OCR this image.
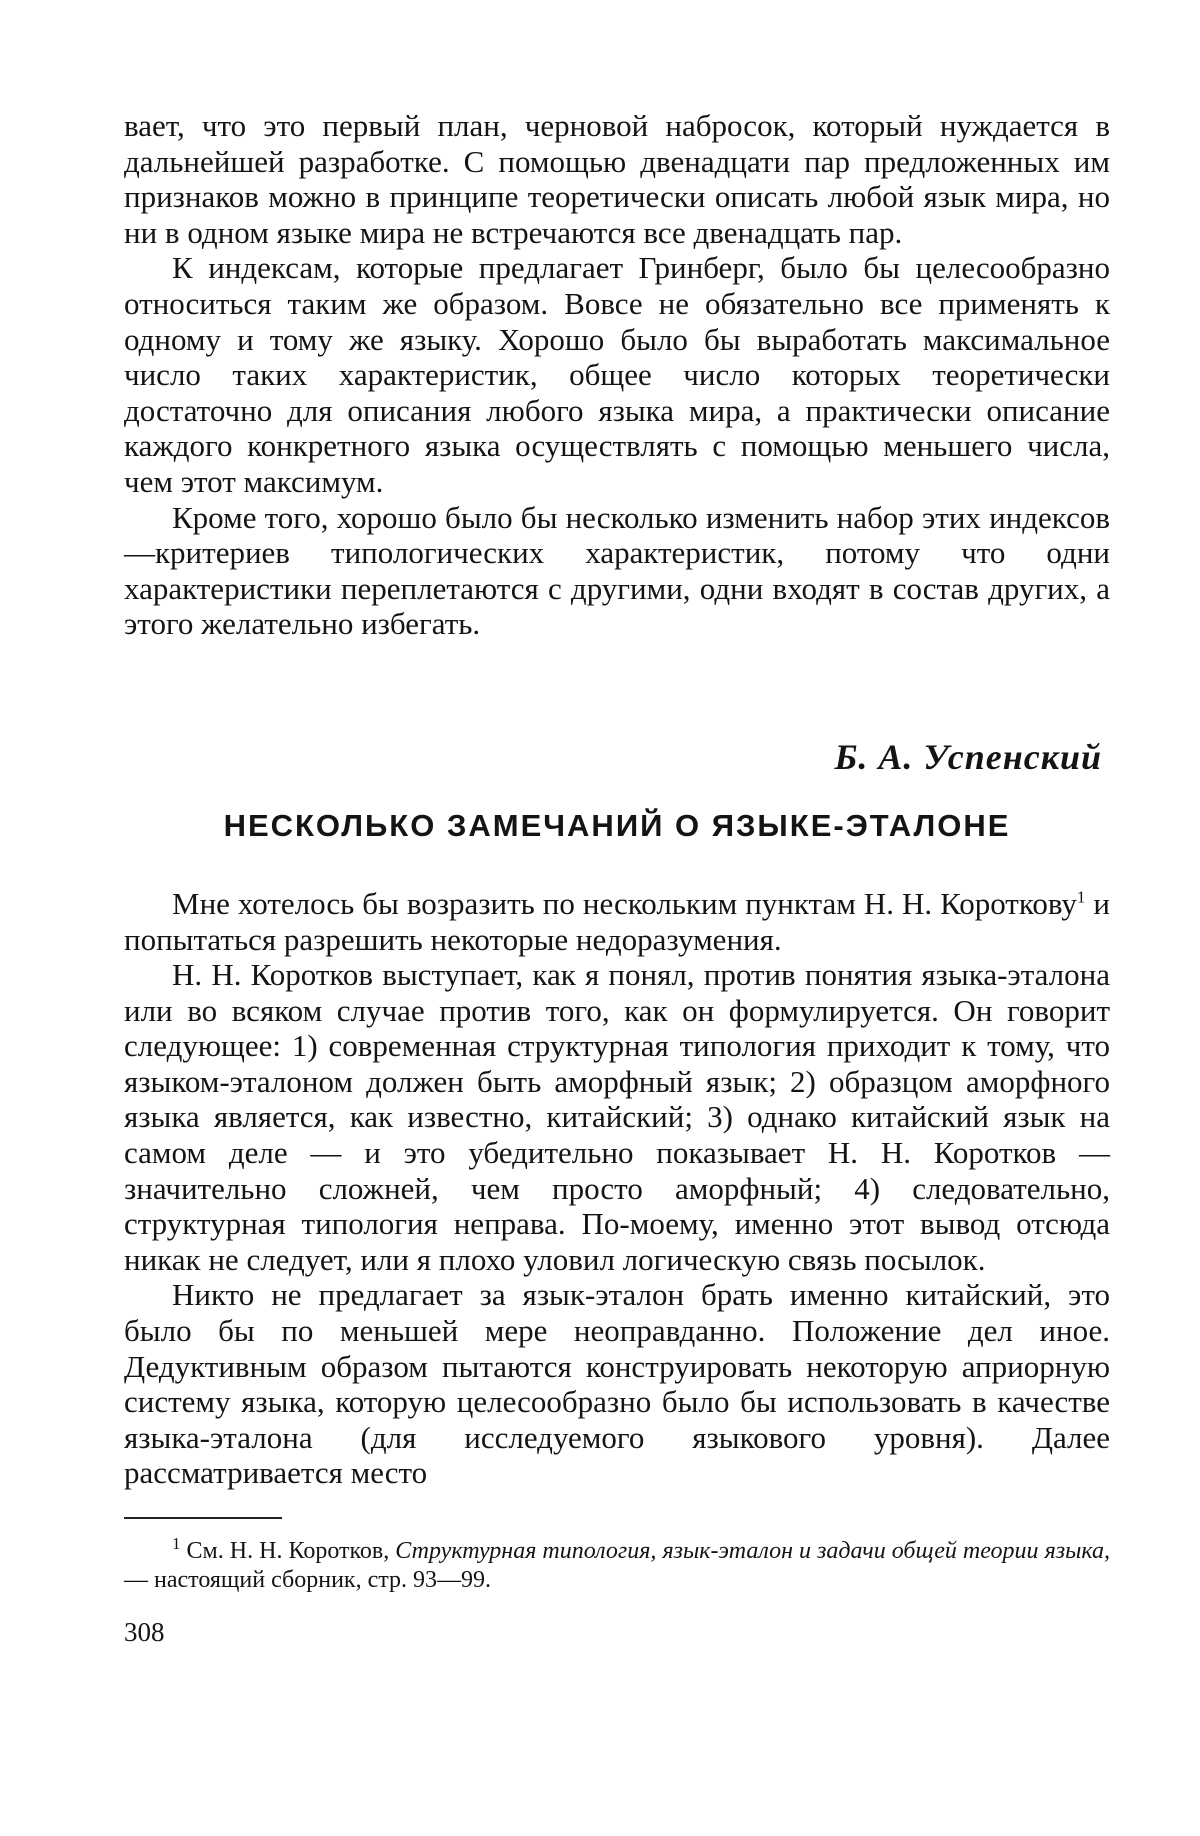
вает, что это первый план, черновой набросок, который нуждается в дальнейшей разработке. С помощью двенадцати пар предложенных им признаков можно в принципе теоретически описать любой язык мира, но ни в одном языке мира не встречаются все двенадцать пар.

К индексам, которые предлагает Гринберг, было бы целесообразно относиться таким же образом. Вовсе не обязательно все применять к одному и тому же языку. Хорошо было бы выработать максимальное число таких характеристик, общее число которых теоретически достаточно для описания любого языка мира, а практически описание каждого конкретного языка осуществлять с помощью меньшего числа, чем этот максимум.

Кроме того, хорошо было бы несколько изменить набор этих индексов—критериев типологических характеристик, потому что одни характеристики переплетаются с другими, одни входят в состав других, а этого желательно избегать.

Б. А. Успенский
НЕСКОЛЬКО ЗАМЕЧАНИЙ О ЯЗЫКЕ-ЭТАЛОНЕ

Мне хотелось бы возразить по нескольким пунктам Н. Н. Короткову$^1$ и попытаться разрешить некоторые недоразумения.

Н. Н. Коротков выступает, как я понял, против понятия языка-эталона или во всяком случае против того, как он формулируется. Он говорит следующее: 1) современная структурная типология приходит к тому, что языком-эталоном должен быть аморфный язык; 2) образцом аморфного языка является, как известно, китайский; 3) однако китайский язык на самом деле — и это убедительно показывает Н. Н. Коротков — значительно сложней, чем просто аморфный; 4) следовательно, структурная типология неправа. По-моему, именно этот вывод отсюда никак не следует, или я плохо уловил логическую связь посылок.

Никто не предлагает за язык-эталон брать именно китайский, это было бы по меньшей мере неоправданно. Положение дел иное. Дедуктивным образом пытаются конструировать некоторую априорную систему языка, которую целесообразно было бы использовать в качестве языка-эталона (для исследуемого языкового уровня). Далее рассматривается место

$^1$ См. Н. Н. Коротков, Структурная типология, язык-эталон и задачи общей теории языка, — настоящий сборник, стр. 93—99.

308
